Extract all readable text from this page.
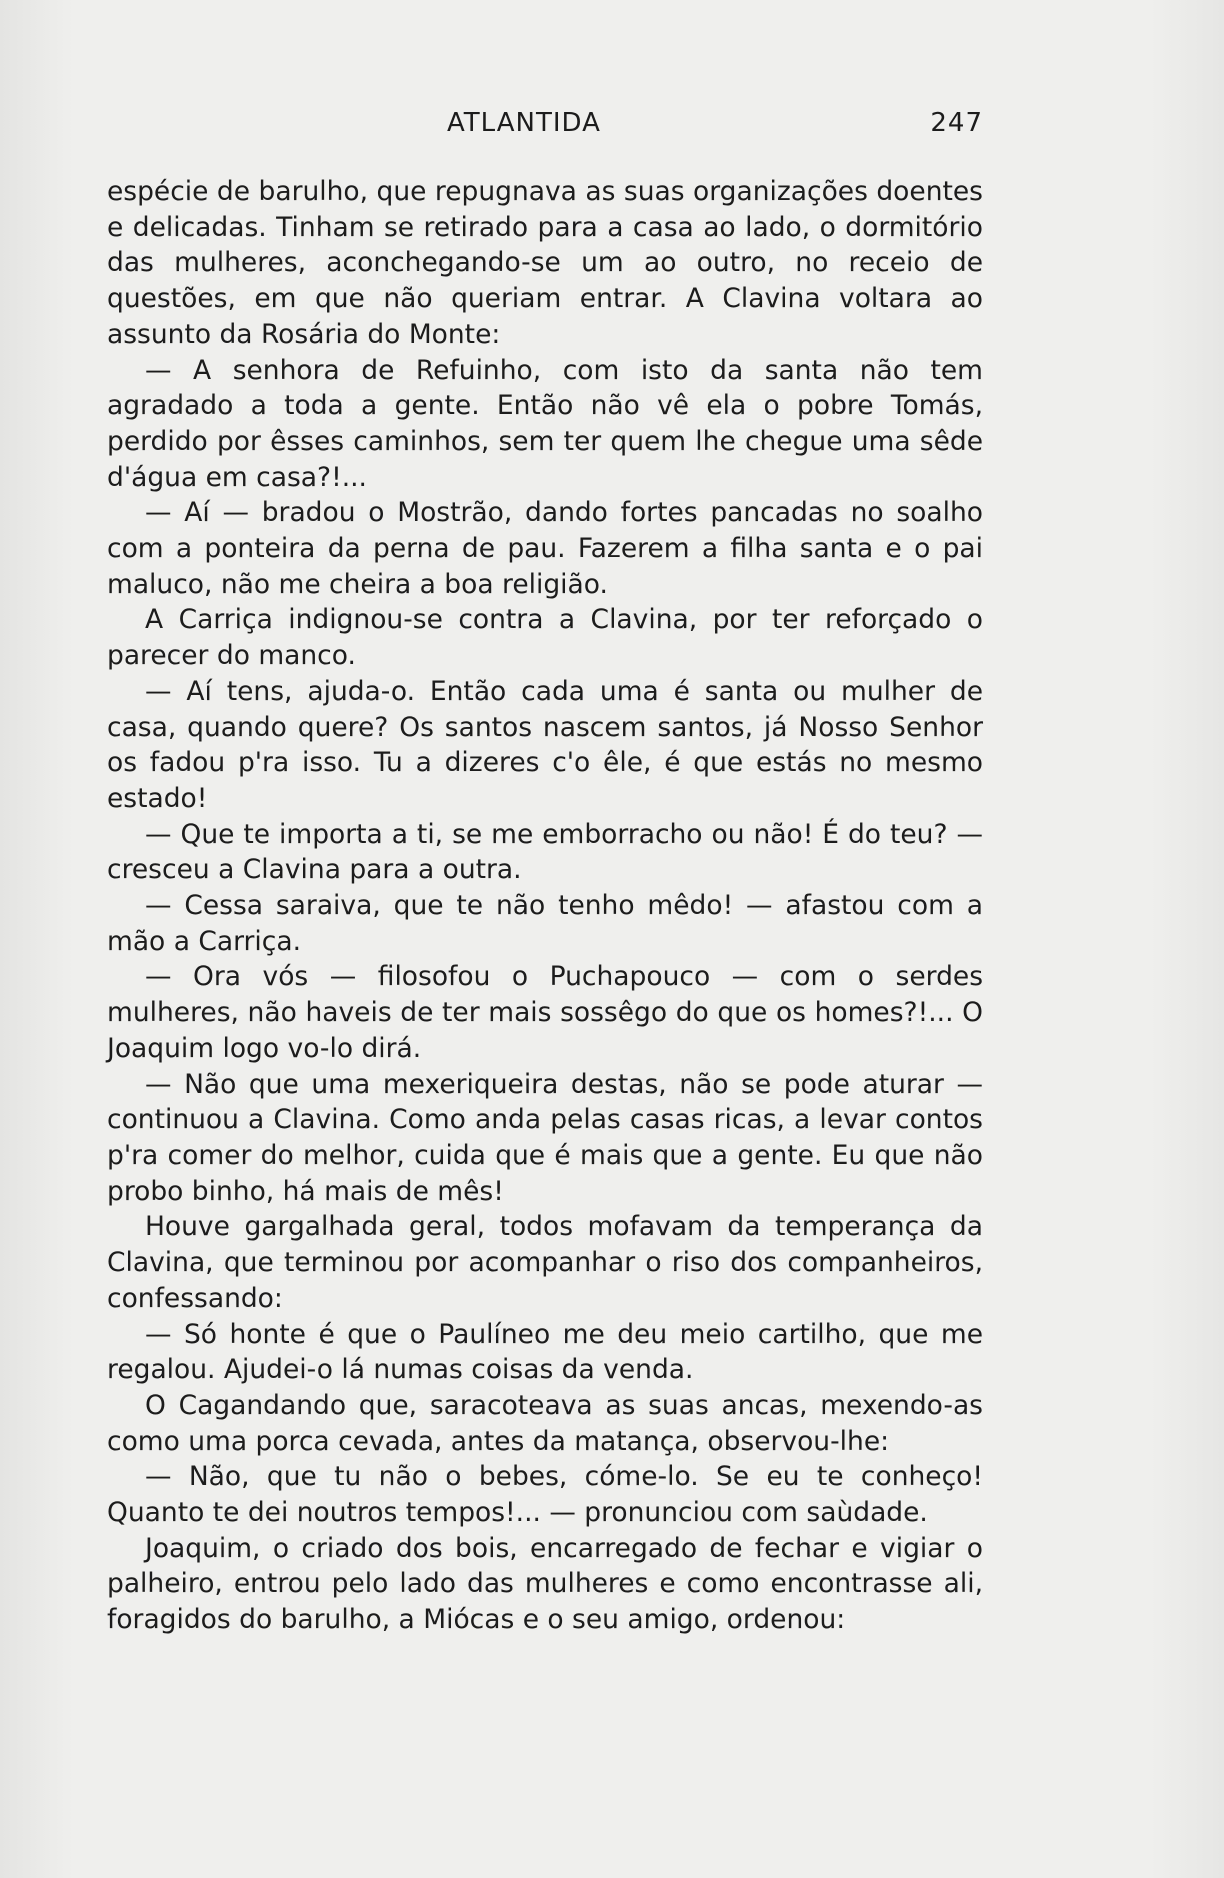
ATLANTIDA	247

espécie de barulho, que repugnava as suas organizações doentes e delicadas. Tinham se retirado para a casa ao lado, o dormitório das mulheres, aconchegando-se um ao outro, no receio de questões, em que não queriam entrar. A Clavina voltara ao assunto da Rosária do Monte:

— A senhora de Refuinho, com isto da santa não tem agradado a toda a gente. Então não vê ela o pobre Tomás, perdido por êsses caminhos, sem ter quem lhe chegue uma sêde d'água em casa?!...

— Aí — bradou o Mostrão, dando fortes pancadas no soalho com a ponteira da perna de pau. Fazerem a filha santa e o pai maluco, não me cheira a boa religião.

A Carriça indignou-se contra a Clavina, por ter reforçado o parecer do manco.

— Aí tens, ajuda-o. Então cada uma é santa ou mulher de casa, quando quere? Os santos nascem santos, já Nosso Senhor os fadou p'ra isso. Tu a dizeres c'o êle, é que estás no mesmo estado!

— Que te importa a ti, se me emborracho ou não! É do teu? — cresceu a Clavina para a outra.

— Cessa saraiva, que te não tenho mêdo! — afastou com a mão a Carriça.

— Ora vós — filosofou o Puchapouco — com o serdes mulheres, não haveis de ter mais sossêgo do que os homes?!... O Joaquim logo vo-lo dirá.

— Não que uma mexeriqueira destas, não se pode aturar — continuou a Clavina. Como anda pelas casas ricas, a levar contos p'ra comer do melhor, cuida que é mais que a gente. Eu que não probo binho, há mais de mês!

Houve gargalhada geral, todos mofavam da temperança da Clavina, que terminou por acompanhar o riso dos companheiros, confessando:

— Só honte é que o Paulíneo me deu meio cartilho, que me regalou. Ajudei-o lá numas coisas da venda.

O Cagandando que, saracoteava as suas ancas, mexendo-as como uma porca cevada, antes da matança, observou-lhe:

— Não, que tu não o bebes, cóme-lo. Se eu te conheço! Quanto te dei noutros tempos!... — pronunciou com saùdade.

Joaquim, o criado dos bois, encarregado de fechar e vigiar o palheiro, entrou pelo lado das mulheres e como encontrasse ali, foragidos do barulho, a Miócas e o seu amigo, ordenou:
